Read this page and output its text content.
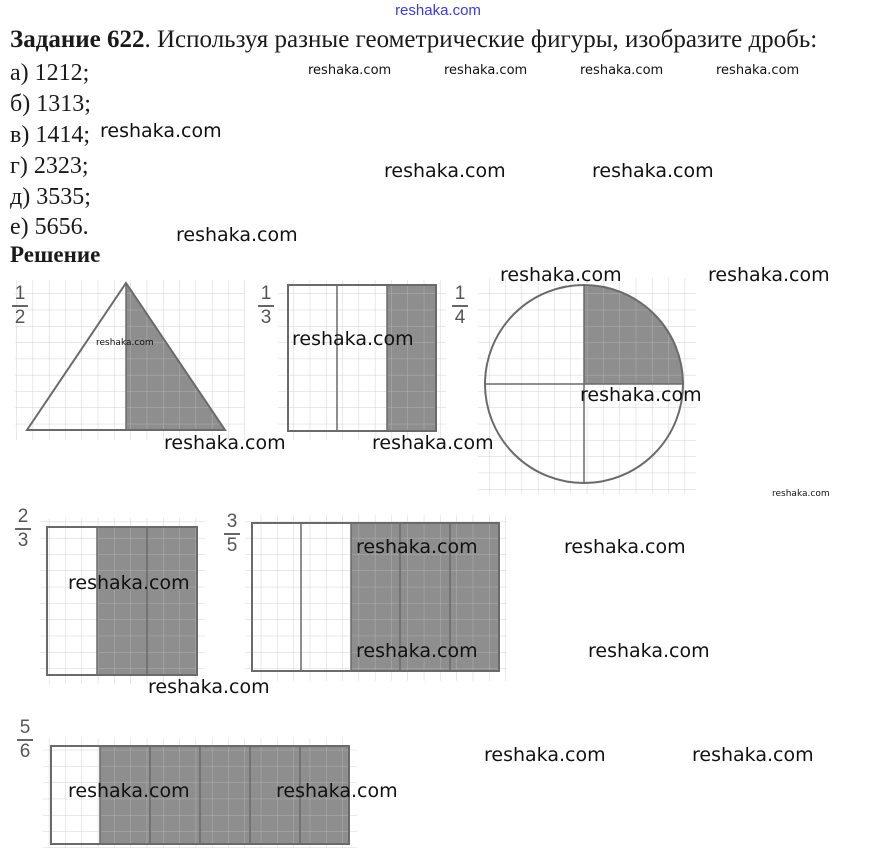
reshaka.com
Задание 622. Используя разные геометрические фигуры, изобразите дробь:
а) 1212;
б) 1313;
в) 1414;
г) 2323;
д) 3535;
е) 5656.
Решение
1
2
1
3
1
4
2
3
3
5
5
6
reshaka.com	reshaka.com	reshaka.com	reshaka.com
reshaka.com
reshaka.com	reshaka.com
reshaka.com
reshaka.com	reshaka.com
reshaka.com	reshaka.com
reshaka.com
reshaka.com	reshaka.com
reshaka.com
reshaka.com	reshaka.com
reshaka.com
reshaka.com	reshaka.com
reshaka.com
reshaka.com	reshaka.com
reshaka.com	reshaka.com
